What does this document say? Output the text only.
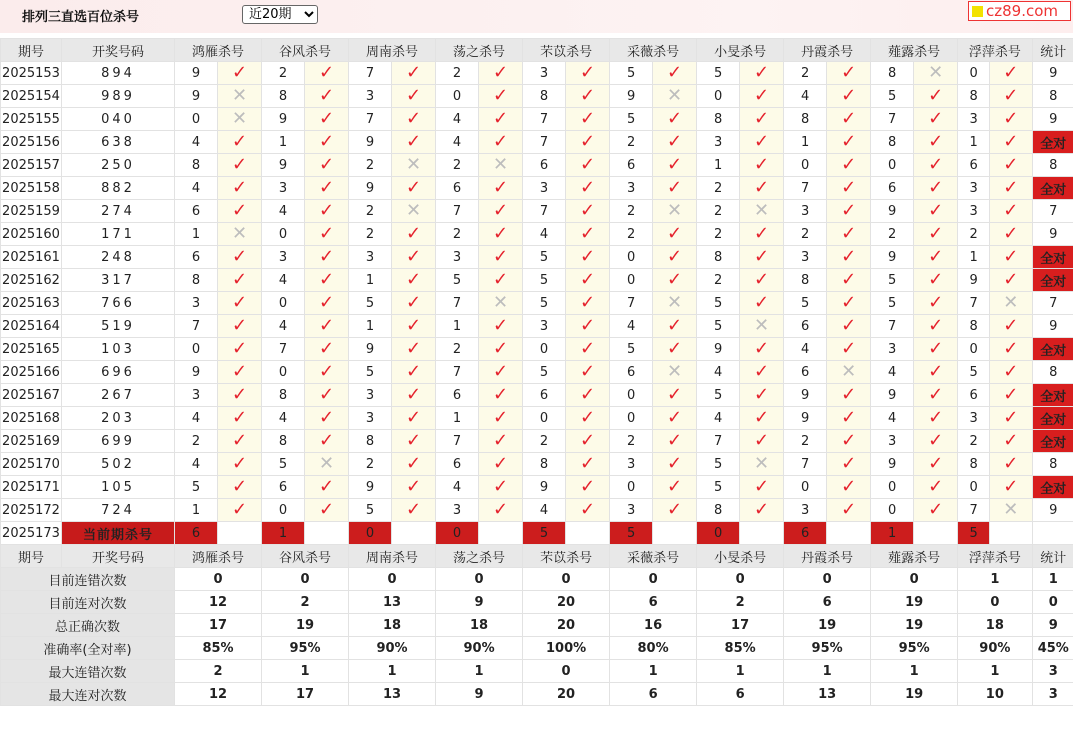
排列三直选百位杀号
近20期	cz89.com
期号	开奖号码	鸿雁杀号		谷风杀号		周南杀号		荡之杀号		芣苡杀号		采薇杀号		小旻杀号		丹霞杀号		薤露杀号		浮萍杀号		统计
2025153	894	9	✓	2	✓	7	✓	2	✓	3	✓	5	✓	5	✓	2	✓	8	✕	0	✓	9
2025154	989	9	✕	8	✓	3	✓	0	✓	8	✓	9	✕	0	✓	4	✓	5	✓	8	✓	8
2025155	040	0	✕	9	✓	7	✓	4	✓	7	✓	5	✓	8	✓	8	✓	7	✓	3	✓	9
2025156	638	4	✓	1	✓	9	✓	4	✓	7	✓	2	✓	3	✓	1	✓	8	✓	1	✓	全对
2025157	250	8	✓	9	✓	2	✕	2	✕	6	✓	6	✓	1	✓	0	✓	0	✓	6	✓	8
2025158	882	4	✓	3	✓	9	✓	6	✓	3	✓	3	✓	2	✓	7	✓	6	✓	3	✓	全对
2025159	274	6	✓	4	✓	2	✕	7	✓	7	✓	2	✕	2	✕	3	✓	9	✓	3	✓	7
2025160	171	1	✕	0	✓	2	✓	2	✓	4	✓	2	✓	2	✓	2	✓	2	✓	2	✓	9
2025161	248	6	✓	3	✓	3	✓	3	✓	5	✓	0	✓	8	✓	3	✓	9	✓	1	✓	全对
2025162	317	8	✓	4	✓	1	✓	5	✓	5	✓	0	✓	2	✓	8	✓	5	✓	9	✓	全对
2025163	766	3	✓	0	✓	5	✓	7	✕	5	✓	7	✕	5	✓	5	✓	5	✓	7	✕	7
2025164	519	7	✓	4	✓	1	✓	1	✓	3	✓	4	✓	5	✕	6	✓	7	✓	8	✓	9
2025165	103	0	✓	7	✓	9	✓	2	✓	0	✓	5	✓	9	✓	4	✓	3	✓	0	✓	全对
2025166	696	9	✓	0	✓	5	✓	7	✓	5	✓	6	✕	4	✓	6	✕	4	✓	5	✓	8
2025167	267	3	✓	8	✓	3	✓	6	✓	6	✓	0	✓	5	✓	9	✓	9	✓	6	✓	全对
2025168	203	4	✓	4	✓	3	✓	1	✓	0	✓	0	✓	4	✓	9	✓	4	✓	3	✓	全对
2025169	699	2	✓	8	✓	8	✓	7	✓	2	✓	2	✓	7	✓	2	✓	3	✓	2	✓	全对
2025170	502	4	✓	5	✕	2	✓	6	✓	8	✓	3	✓	5	✕	7	✓	9	✓	8	✓	8
2025171	105	5	✓	6	✓	9	✓	4	✓	9	✓	0	✓	5	✓	0	✓	0	✓	0	✓	全对
2025172	724	1	✓	0	✓	5	✓	3	✓	4	✓	3	✓	8	✓	3	✓	0	✓	7	✕	9
2025173	当前期杀号	6		1		0		0		5		5		0		6		1		5		
期号	开奖号码	鸿雁杀号		谷风杀号		周南杀号		荡之杀号		芣苡杀号		采薇杀号		小旻杀号		丹霞杀号		薤露杀号		浮萍杀号		统计
目前连错次数		0		0		0		0		0		0		0		0		0		1		1
目前连对次数		12		2		13		9		20		6		2		6		19		0		0
总正确次数		17		19		18		18		20		16		17		19		19		18		9
准确率(全对率)		85%		95%		90%		90%		100%		80%		85%		95%		95%		90%		45%
最大连错次数		2		1		1		1		0		1		1		1		1		1		3
最大连对次数		12		17		13		9		20		6		6		13		19		10		3
